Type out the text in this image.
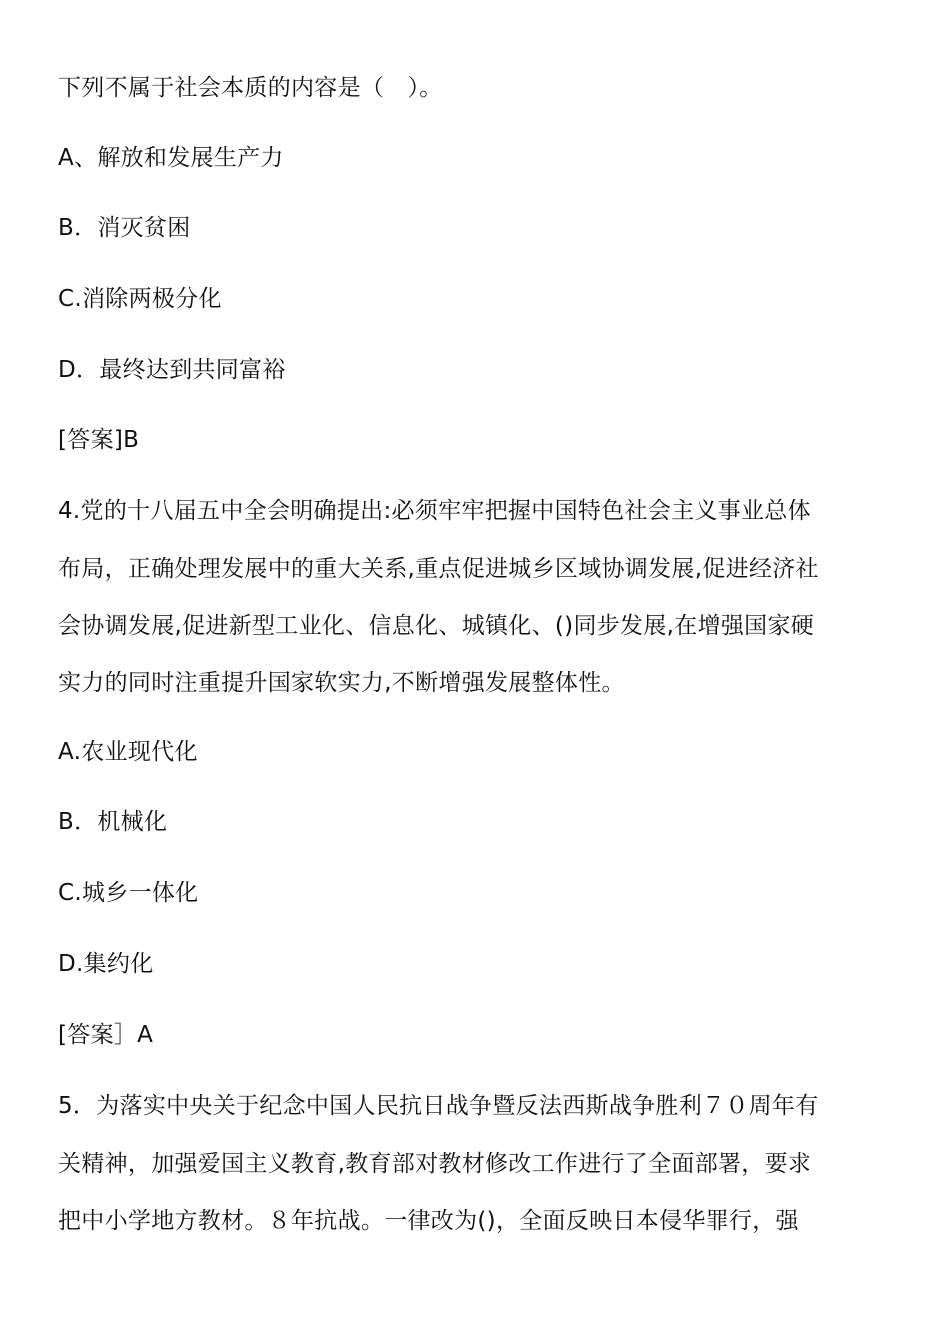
下列不属于社会本质的内容是（　）。
A、解放和发展生产力
B．消灭贫困
C.消除两极分化
D．最终达到共同富裕
[答案]B
4.党的十八届五中全会明确提出:必须牢牢把握中国特色社会主义事业总体
布局，正确处理发展中的重大关系,重点促进城乡区域协调发展,促进经济社
会协调发展,促进新型工业化、信息化、城镇化、()同步发展,在增强国家硬
实力的同时注重提升国家软实力,不断增强发展整体性。
A.农业现代化
B．机械化
C.城乡一体化
D.集约化
[答案］A
5．为落实中央关于纪念中国人民抗日战争暨反法西斯战争胜利７０周年有
关精神，加强爱国主义教育,教育部对教材修改工作进行了全面部署，要求
把中小学地方教材。８年抗战。一律改为()，全面反映日本侵华罪行，强
